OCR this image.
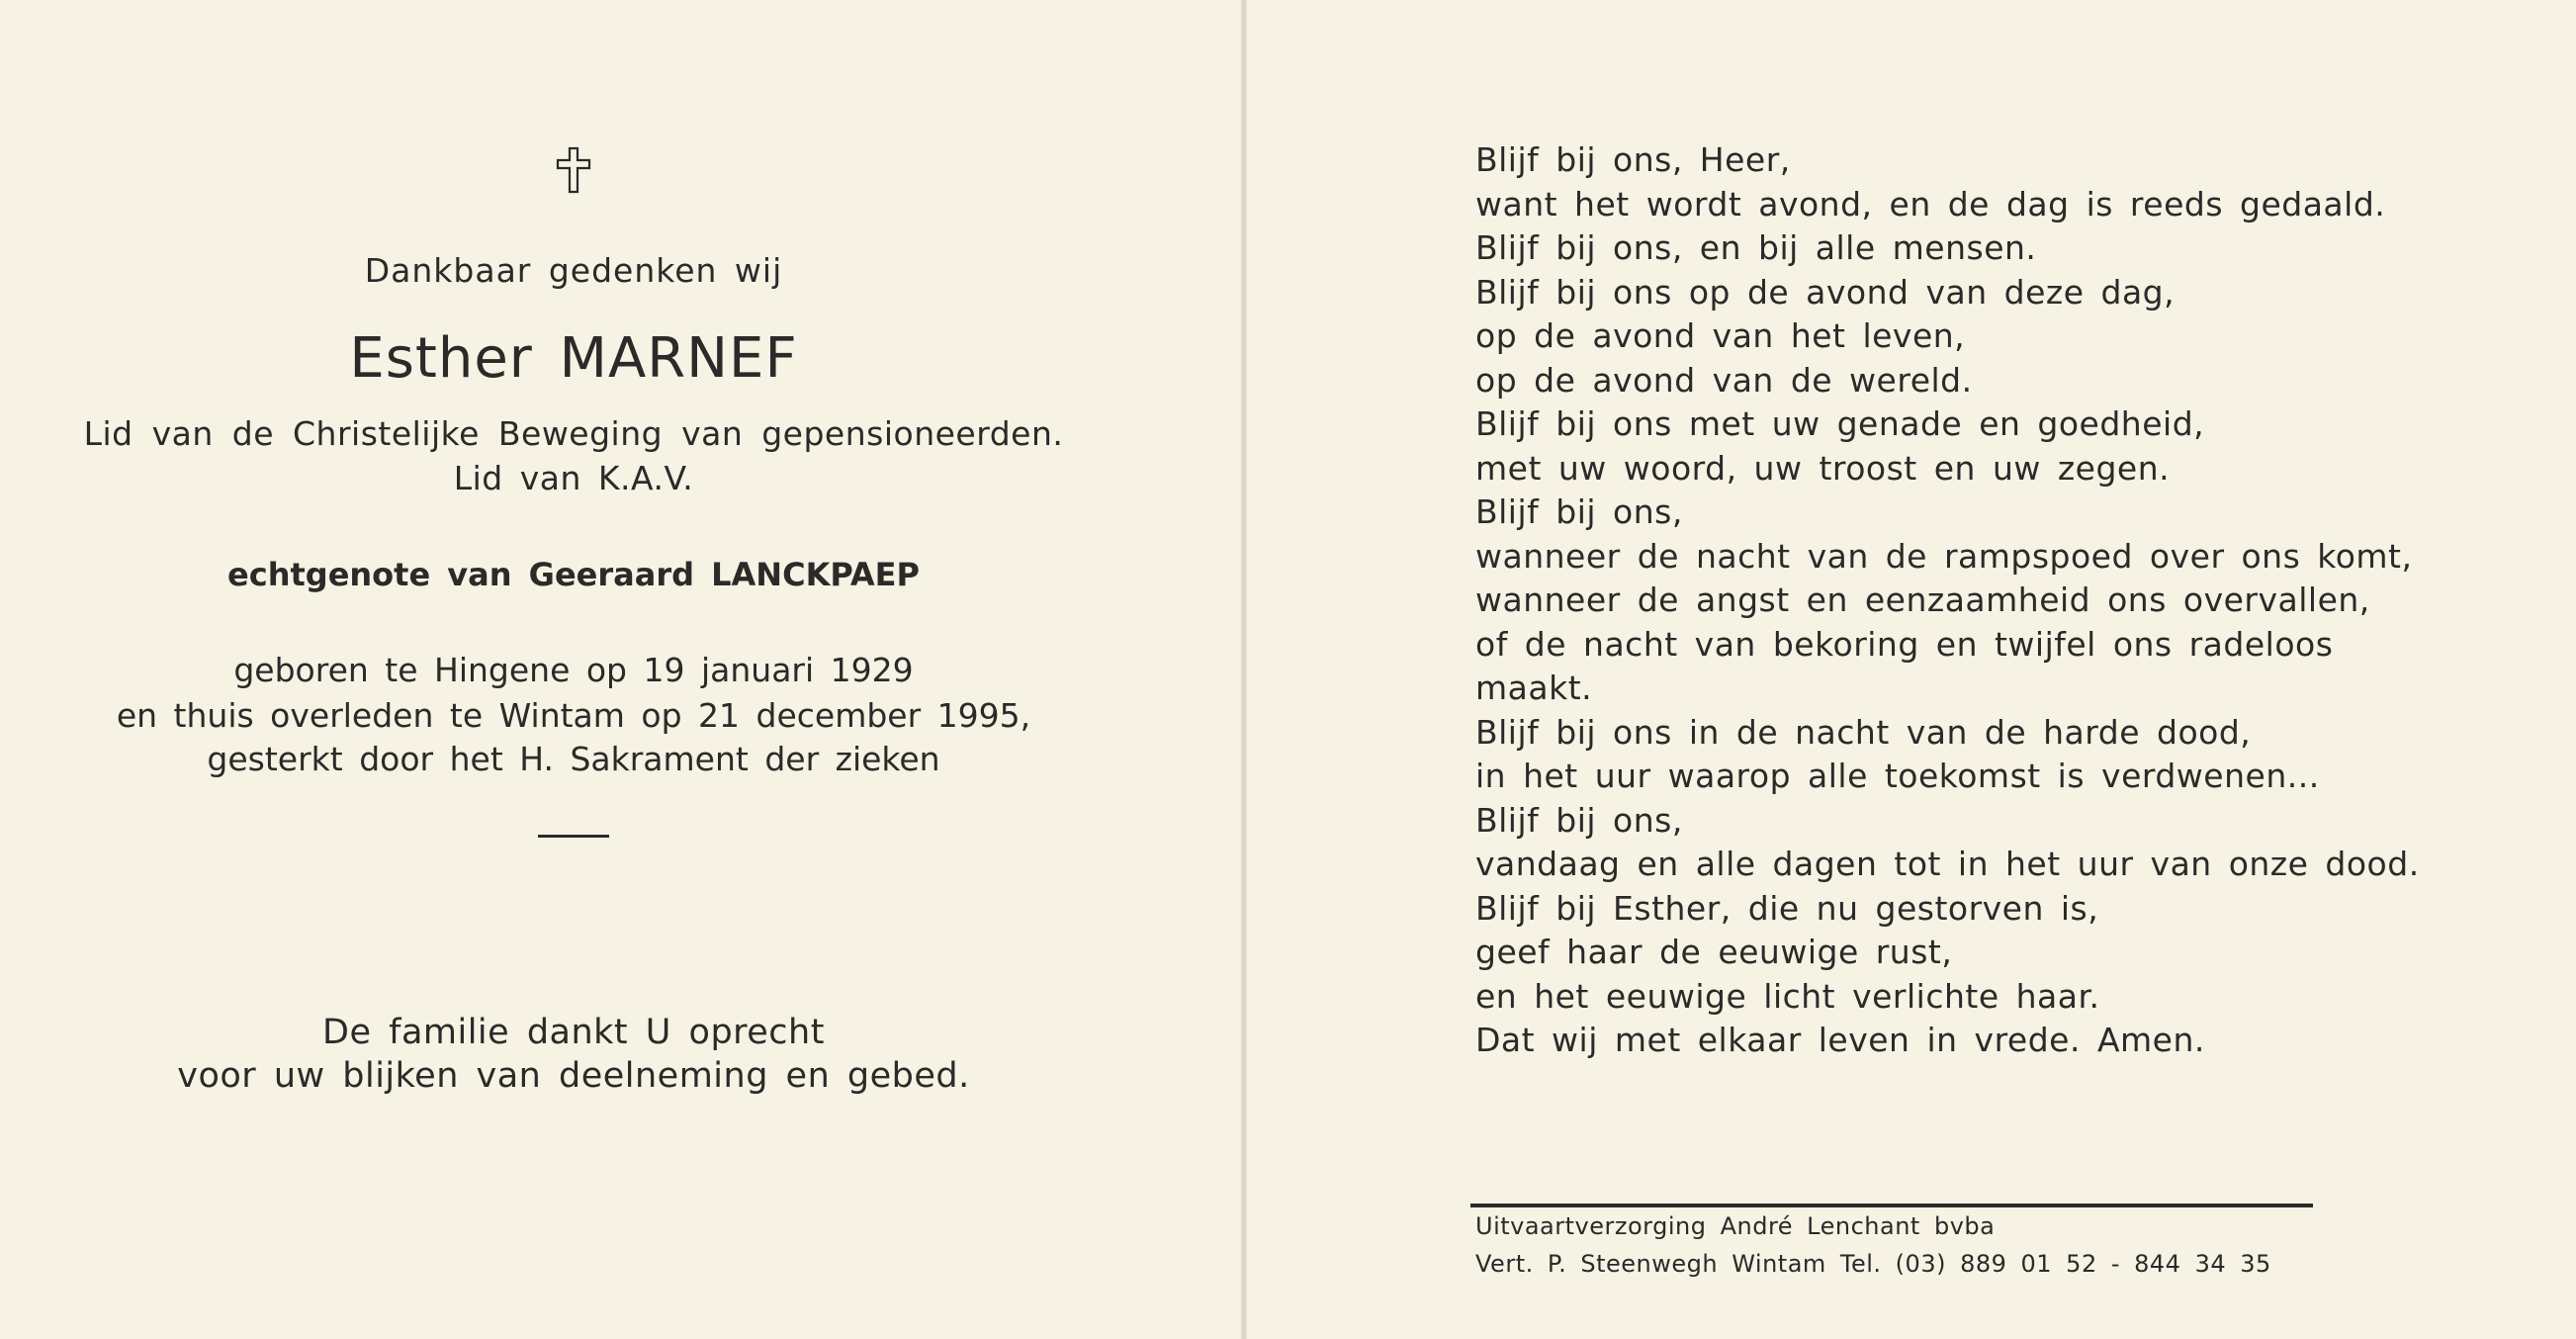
Dankbaar gedenken wij
Esther MARNEF
Lid van de Christelijke Beweging van gepensioneerden.
Lid van K.A.V.
echtgenote van Geeraard LANCKPAEP
geboren te Hingene op 19 januari 1929
en thuis overleden te Wintam op 21 december 1995,
gesterkt door het H. Sakrament der zieken
De familie dankt U oprecht
voor uw blijken van deelneming en gebed.
Blijf bij ons, Heer,
want het wordt avond, en de dag is reeds gedaald.
Blijf bij ons, en bij alle mensen.
Blijf bij ons op de avond van deze dag,
op de avond van het leven,
op de avond van de wereld.
Blijf bij ons met uw genade en goedheid,
met uw woord, uw troost en uw zegen.
Blijf bij ons,
wanneer de nacht van de rampspoed over ons komt,
wanneer de angst en eenzaamheid ons overvallen,
of de nacht van bekoring en twijfel ons radeloos
maakt.
Blijf bij ons in de nacht van de harde dood,
in het uur waarop alle toekomst is verdwenen...
Blijf bij ons,
vandaag en alle dagen tot in het uur van onze dood.
Blijf bij Esther, die nu gestorven is,
geef haar de eeuwige rust,
en het eeuwige licht verlichte haar.
Dat wij met elkaar leven in vrede. Amen.
Uitvaartverzorging André Lenchant bvba
Vert. P. Steenwegh Wintam Tel. (03) 889 01 52 - 844 34 35
